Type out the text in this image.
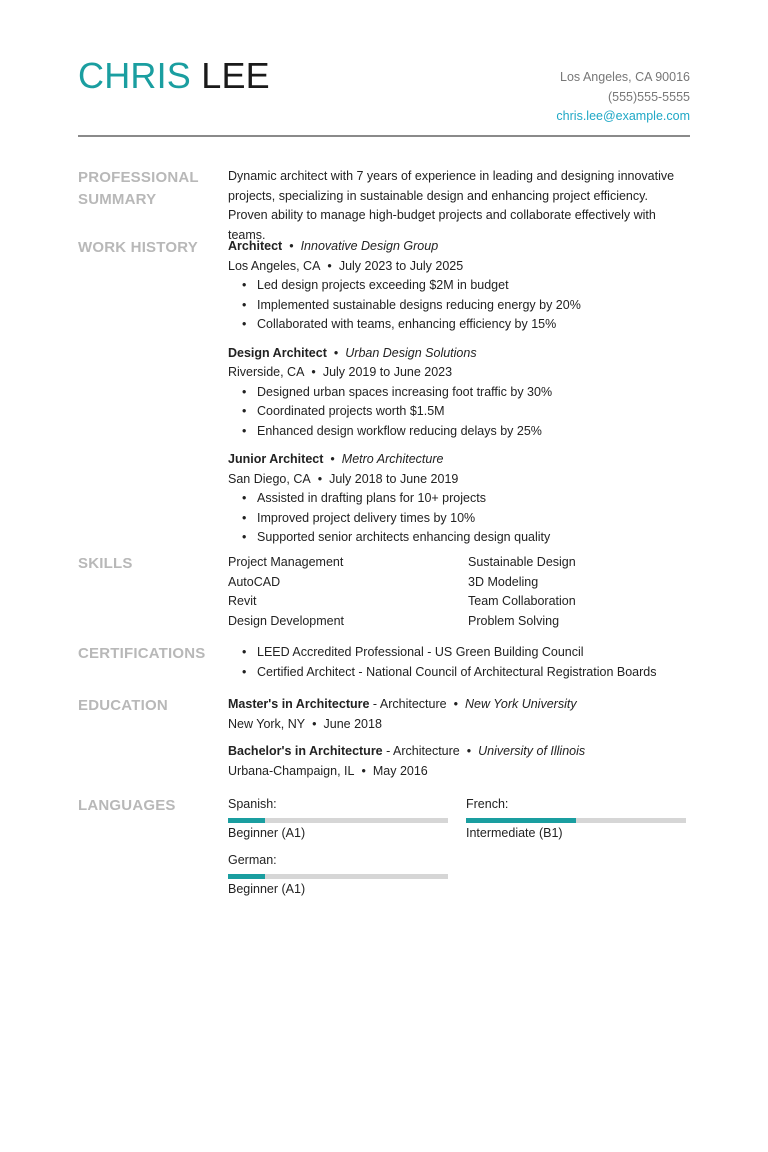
CHRIS LEE	Los Angeles, CA 90016
(555)555-5555
chris.lee@example.com
PROFESSIONAL SUMMARY
Dynamic architect with 7 years of experience in leading and designing innovative projects, specializing in sustainable design and enhancing project efficiency. Proven ability to manage high-budget projects and collaborate effectively with teams.
WORK HISTORY	Architect • Innovative Design Group
Los Angeles, CA • July 2023 to July 2025
• Led design projects exceeding $2M in budget
• Implemented sustainable designs reducing energy by 20%
• Collaborated with teams, enhancing efficiency by 15%
Design Architect • Urban Design Solutions
Riverside, CA • July 2019 to June 2023
• Designed urban spaces increasing foot traffic by 30%
• Coordinated projects worth $1.5M
• Enhanced design workflow reducing delays by 25%
Junior Architect • Metro Architecture
San Diego, CA • July 2018 to June 2019
• Assisted in drafting plans for 10+ projects
• Improved project delivery times by 10%
• Supported senior architects enhancing design quality
SKILLS	Project Management	Sustainable Design
AutoCAD	3D Modeling
Revit	Team Collaboration
Design Development	Problem Solving
CERTIFICATIONS
•	LEED Accredited Professional - US Green Building Council
• Certified Architect - National Council of Architectural Registration Boards
EDUCATION	Master's in Architecture - Architecture • New York University
New York, NY • June 2018
Bachelor's in Architecture - Architecture • University of Illinois
Urbana-Champaign, IL • May 2016
LANGUAGES	Spanish:
Beginner (A1)
French:
Intermediate (B1)
German:
Beginner (A1)
